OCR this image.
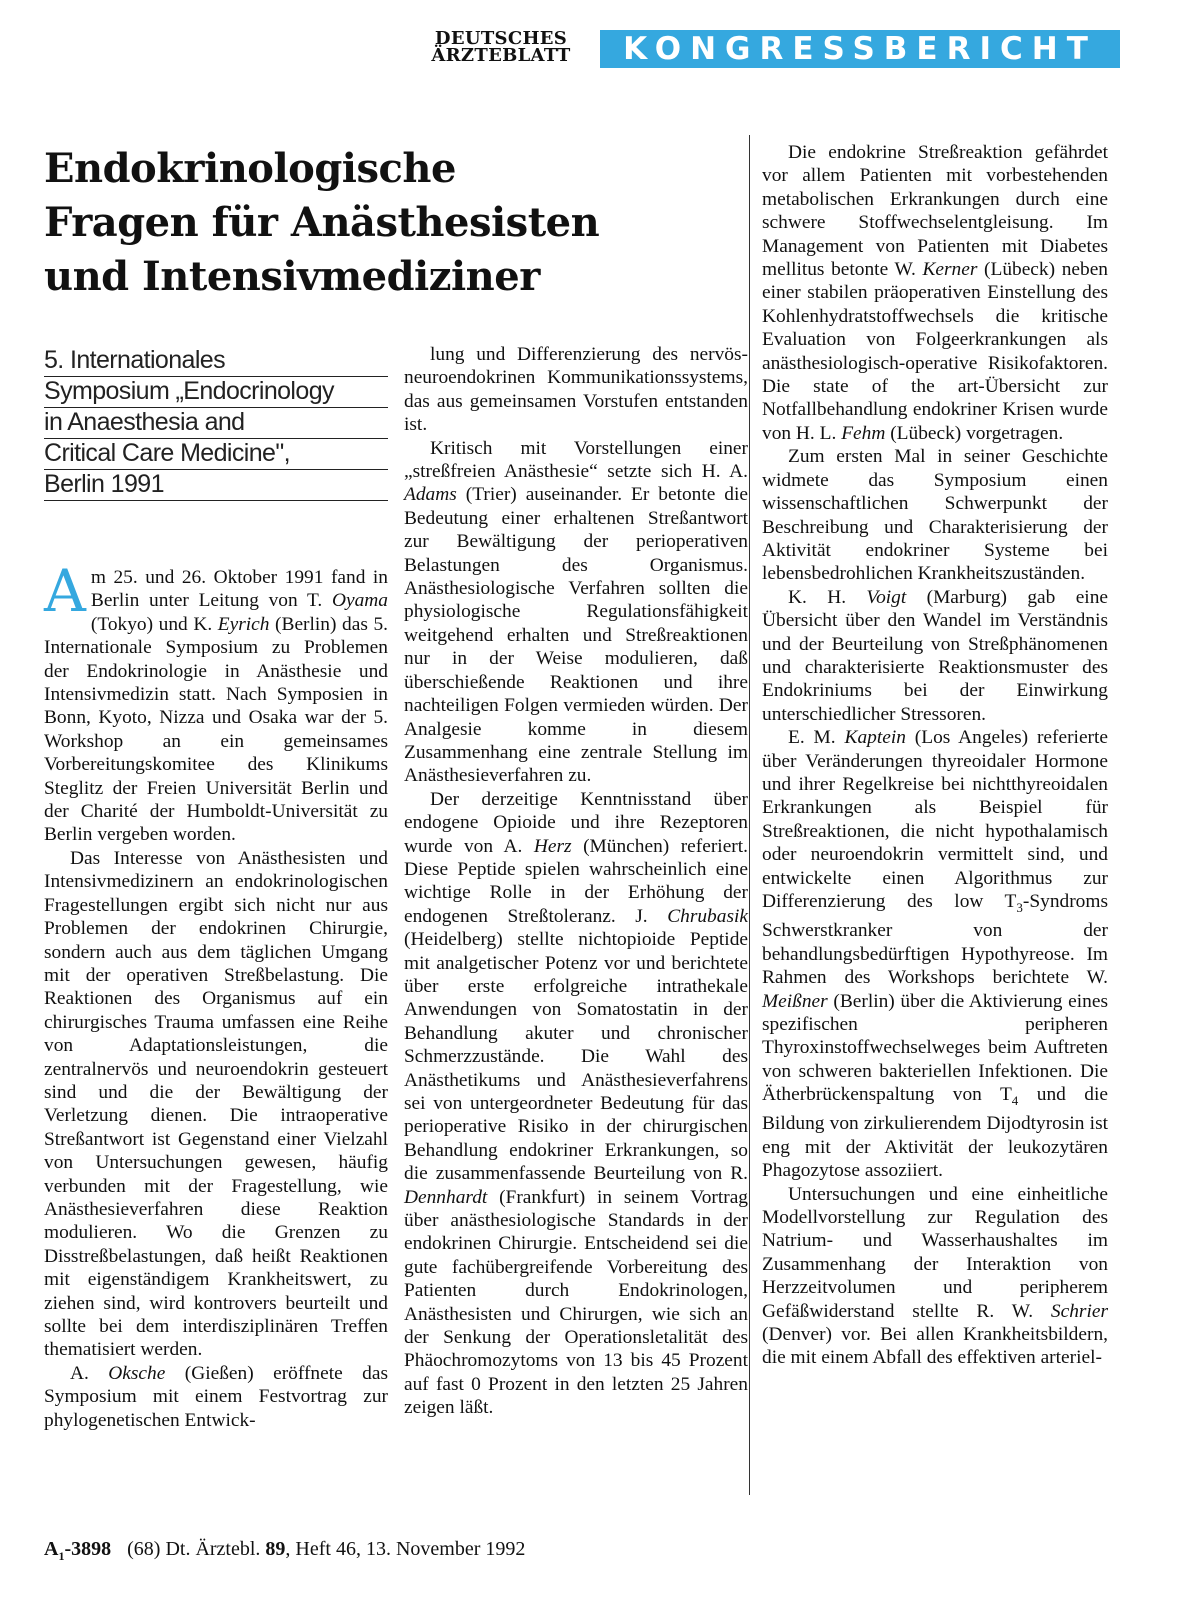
DEUTSCHES
ÄRZTEBLATT	KONGRESSBERICHT
Endokrinologische
Fragen für Anästhesisten
und Intensivmediziner
5. Internationales
Symposium „Endocrinology
in Anaesthesia and
Critical Care Medicine",
Berlin 1991

Am 25. und 26. Oktober 1991 fand in Berlin unter Leitung von T. Oyama (Tokyo) und K. Eyrich (Berlin) das 5. Internationale Symposium zu Problemen der Endokrinologie in Anästhesie und Intensivmedizin statt. Nach Symposien in Bonn, Kyoto, Nizza und Osaka war der 5. Workshop an ein gemeinsames Vorbereitungskomitee des Klinikums Steglitz der Freien Universität Berlin und der Charité der Humboldt-Universität zu Berlin vergeben worden.

Das Interesse von Anästhesisten und Intensivmedizinern an endokrinologischen Fragestellungen ergibt sich nicht nur aus Problemen der endokrinen Chirurgie, sondern auch aus dem täglichen Umgang mit der operativen Streßbelastung. Die Reaktionen des Organismus auf ein chirurgisches Trauma umfassen eine Reihe von Adaptationsleistungen, die zentralnervös und neuroendokrin gesteuert sind und die der Bewältigung der Verletzung dienen. Die intraoperative Streßantwort ist Gegenstand einer Vielzahl von Untersuchungen gewesen, häufig verbunden mit der Fragestellung, wie Anästhesieverfahren diese Reaktion modulieren. Wo die Grenzen zu Disstreßbelastungen, daß heißt Reaktionen mit eigenständigem Krankheitswert, zu ziehen sind, wird kontrovers beurteilt und sollte bei dem interdisziplinären Treffen thematisiert werden.

A. Oksche (Gießen) eröffnete das Symposium mit einem Festvortrag zur phylogenetischen Entwick-

lung und Differenzierung des nervös-neuroendokrinen Kommunikationssystems, das aus gemeinsamen Vorstufen entstanden ist.

Kritisch mit Vorstellungen einer „streßfreien Anästhesie“ setzte sich H. A. Adams (Trier) auseinander. Er betonte die Bedeutung einer erhaltenen Streßantwort zur Bewältigung der perioperativen Belastungen des Organismus. Anästhesiologische Verfahren sollten die physiologische Regulationsfähigkeit weitgehend erhalten und Streßreaktionen nur in der Weise modulieren, daß überschießende Reaktionen und ihre nachteiligen Folgen vermieden würden. Der Analgesie komme in diesem Zusammenhang eine zentrale Stellung im Anästhesieverfahren zu.

Der derzeitige Kenntnisstand über endogene Opioide und ihre Rezeptoren wurde von A. Herz (München) referiert. Diese Peptide spielen wahrscheinlich eine wichtige Rolle in der Erhöhung der endogenen Streßtoleranz. J. Chrubasik (Heidelberg) stellte nichtopioide Peptide mit analgetischer Potenz vor und berichtete über erste erfolgreiche intrathekale Anwendungen von Somatostatin in der Behandlung akuter und chronischer Schmerzzustände. Die Wahl des Anästhetikums und Anästhesieverfahrens sei von untergeordneter Bedeutung für das perioperative Risiko in der chirurgischen Behandlung endokriner Erkrankungen, so die zusammenfassende Beurteilung von R. Dennhardt (Frankfurt) in seinem Vortrag über anästhesiologische Standards in der endokrinen Chirurgie. Entscheidend sei die gute fachübergreifende Vorbereitung des Patienten durch Endokrinologen, Anästhesisten und Chirurgen, wie sich an der Senkung der Operationsletalität des Phäochromozytoms von 13 bis 45 Prozent auf fast 0 Prozent in den letzten 25 Jahren zeigen läßt.

Die endokrine Streßreaktion gefährdet vor allem Patienten mit vorbestehenden metabolischen Erkrankungen durch eine schwere Stoffwechselentgleisung. Im Management von Patienten mit Diabetes mellitus betonte W. Kerner (Lübeck) neben einer stabilen präoperativen Einstellung des Kohlenhydratstoffwechsels die kritische Evaluation von Folgeerkrankungen als anästhesiologisch-operative Risikofaktoren. Die state of the art-Übersicht zur Notfallbehandlung endokriner Krisen wurde von H. L. Fehm (Lübeck) vorgetragen.

Zum ersten Mal in seiner Geschichte widmete das Symposium einen wissenschaftlichen Schwerpunkt der Beschreibung und Charakterisierung der Aktivität endokriner Systeme bei lebensbedrohlichen Krankheitszuständen.

K. H. Voigt (Marburg) gab eine Übersicht über den Wandel im Verständnis und der Beurteilung von Streßphänomenen und charakterisierte Reaktionsmuster des Endokriniums bei der Einwirkung unterschiedlicher Stressoren.

E. M. Kaptein (Los Angeles) referierte über Veränderungen thyreoidaler Hormone und ihrer Regelkreise bei nichtthyreoidalen Erkrankungen als Beispiel für Streßreaktionen, die nicht hypothalamisch oder neuroendokrin vermittelt sind, und entwickelte einen Algorithmus zur Differenzierung des low $T_3$-Syndroms Schwerstkranker von der behandlungsbedürftigen Hypothyreose. Im Rahmen des Workshops berichtete W. Meißner (Berlin) über die Aktivierung eines spezifischen peripheren Thyroxinstoffwechselweges beim Auftreten von schweren bakteriellen Infektionen. Die Ätherbrückenspaltung von $T_4$ und die Bildung von zirkulierendem Dijodtyrosin ist eng mit der Aktivität der leukozytären Phagozytose assoziiert.

Untersuchungen und eine einheitliche Modellvorstellung zur Regulation des Natrium- und Wasserhaushaltes im Zusammenhang der Interaktion von Herzzeitvolumen und peripherem Gefäßwiderstand stellte R. W. Schrier (Denver) vor. Bei allen Krankheitsbildern, die mit einem Abfall des effektiven arteriel-

$A_1-3898$ (68) Dt. Ärztebl. 89, Heft 46, 13. November 1992
